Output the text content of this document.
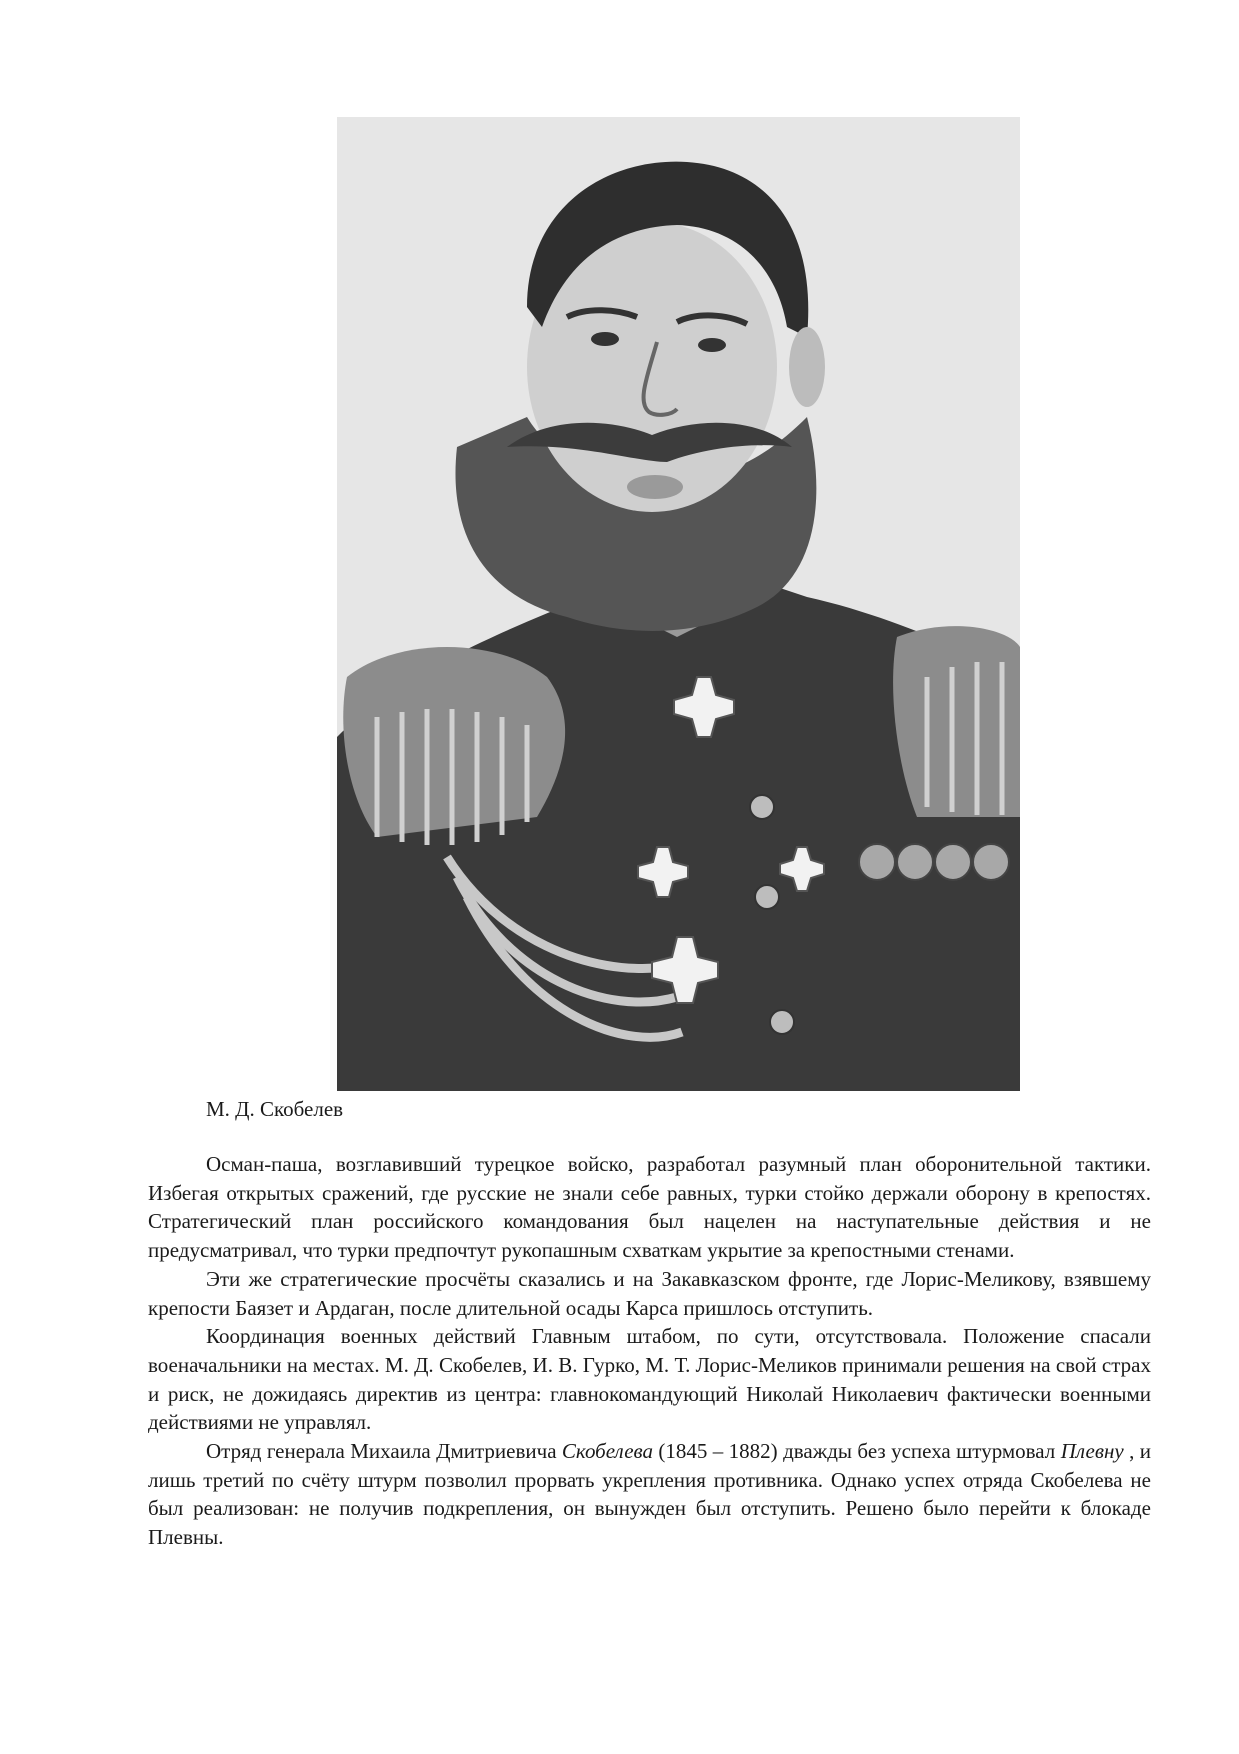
М. Д. Скобелев

Осман-паша, возглавивший турецкое войско, разработал разумный план оборонительной тактики. Избегая открытых сражений, где русские не знали себе равных, турки стойко держали оборону в крепостях. Стратегический план российского командования был нацелен на наступательные действия и не предусматривал, что турки предпочтут рукопашным схваткам укрытие за крепостными стенами.

Эти же стратегические просчёты сказались и на Закавказском фронте, где Лорис-Меликову, взявшему крепости Баязет и Ардаган, после длительной осады Карса пришлось отступить.

Координация военных действий Главным штабом, по сути, отсутствовала. Положение спасали военачальники на местах. М. Д. Скобелев, И. В. Гурко, М. Т. Лорис-Меликов принимали решения на свой страх и риск, не дожидаясь директив из центра: главнокомандующий Николай Николаевич фактически военными действиями не управлял.

Отряд генерала Михаила Дмитриевича Скобелева (1845 – 1882) дважды без успеха штурмовал Плевну , и лишь третий по счёту штурм позволил прорвать укрепления противника. Однако успех отряда Скобелева не был реализован: не получив подкрепления, он вынужден был отступить. Решено было перейти к блокаде Плевны.
